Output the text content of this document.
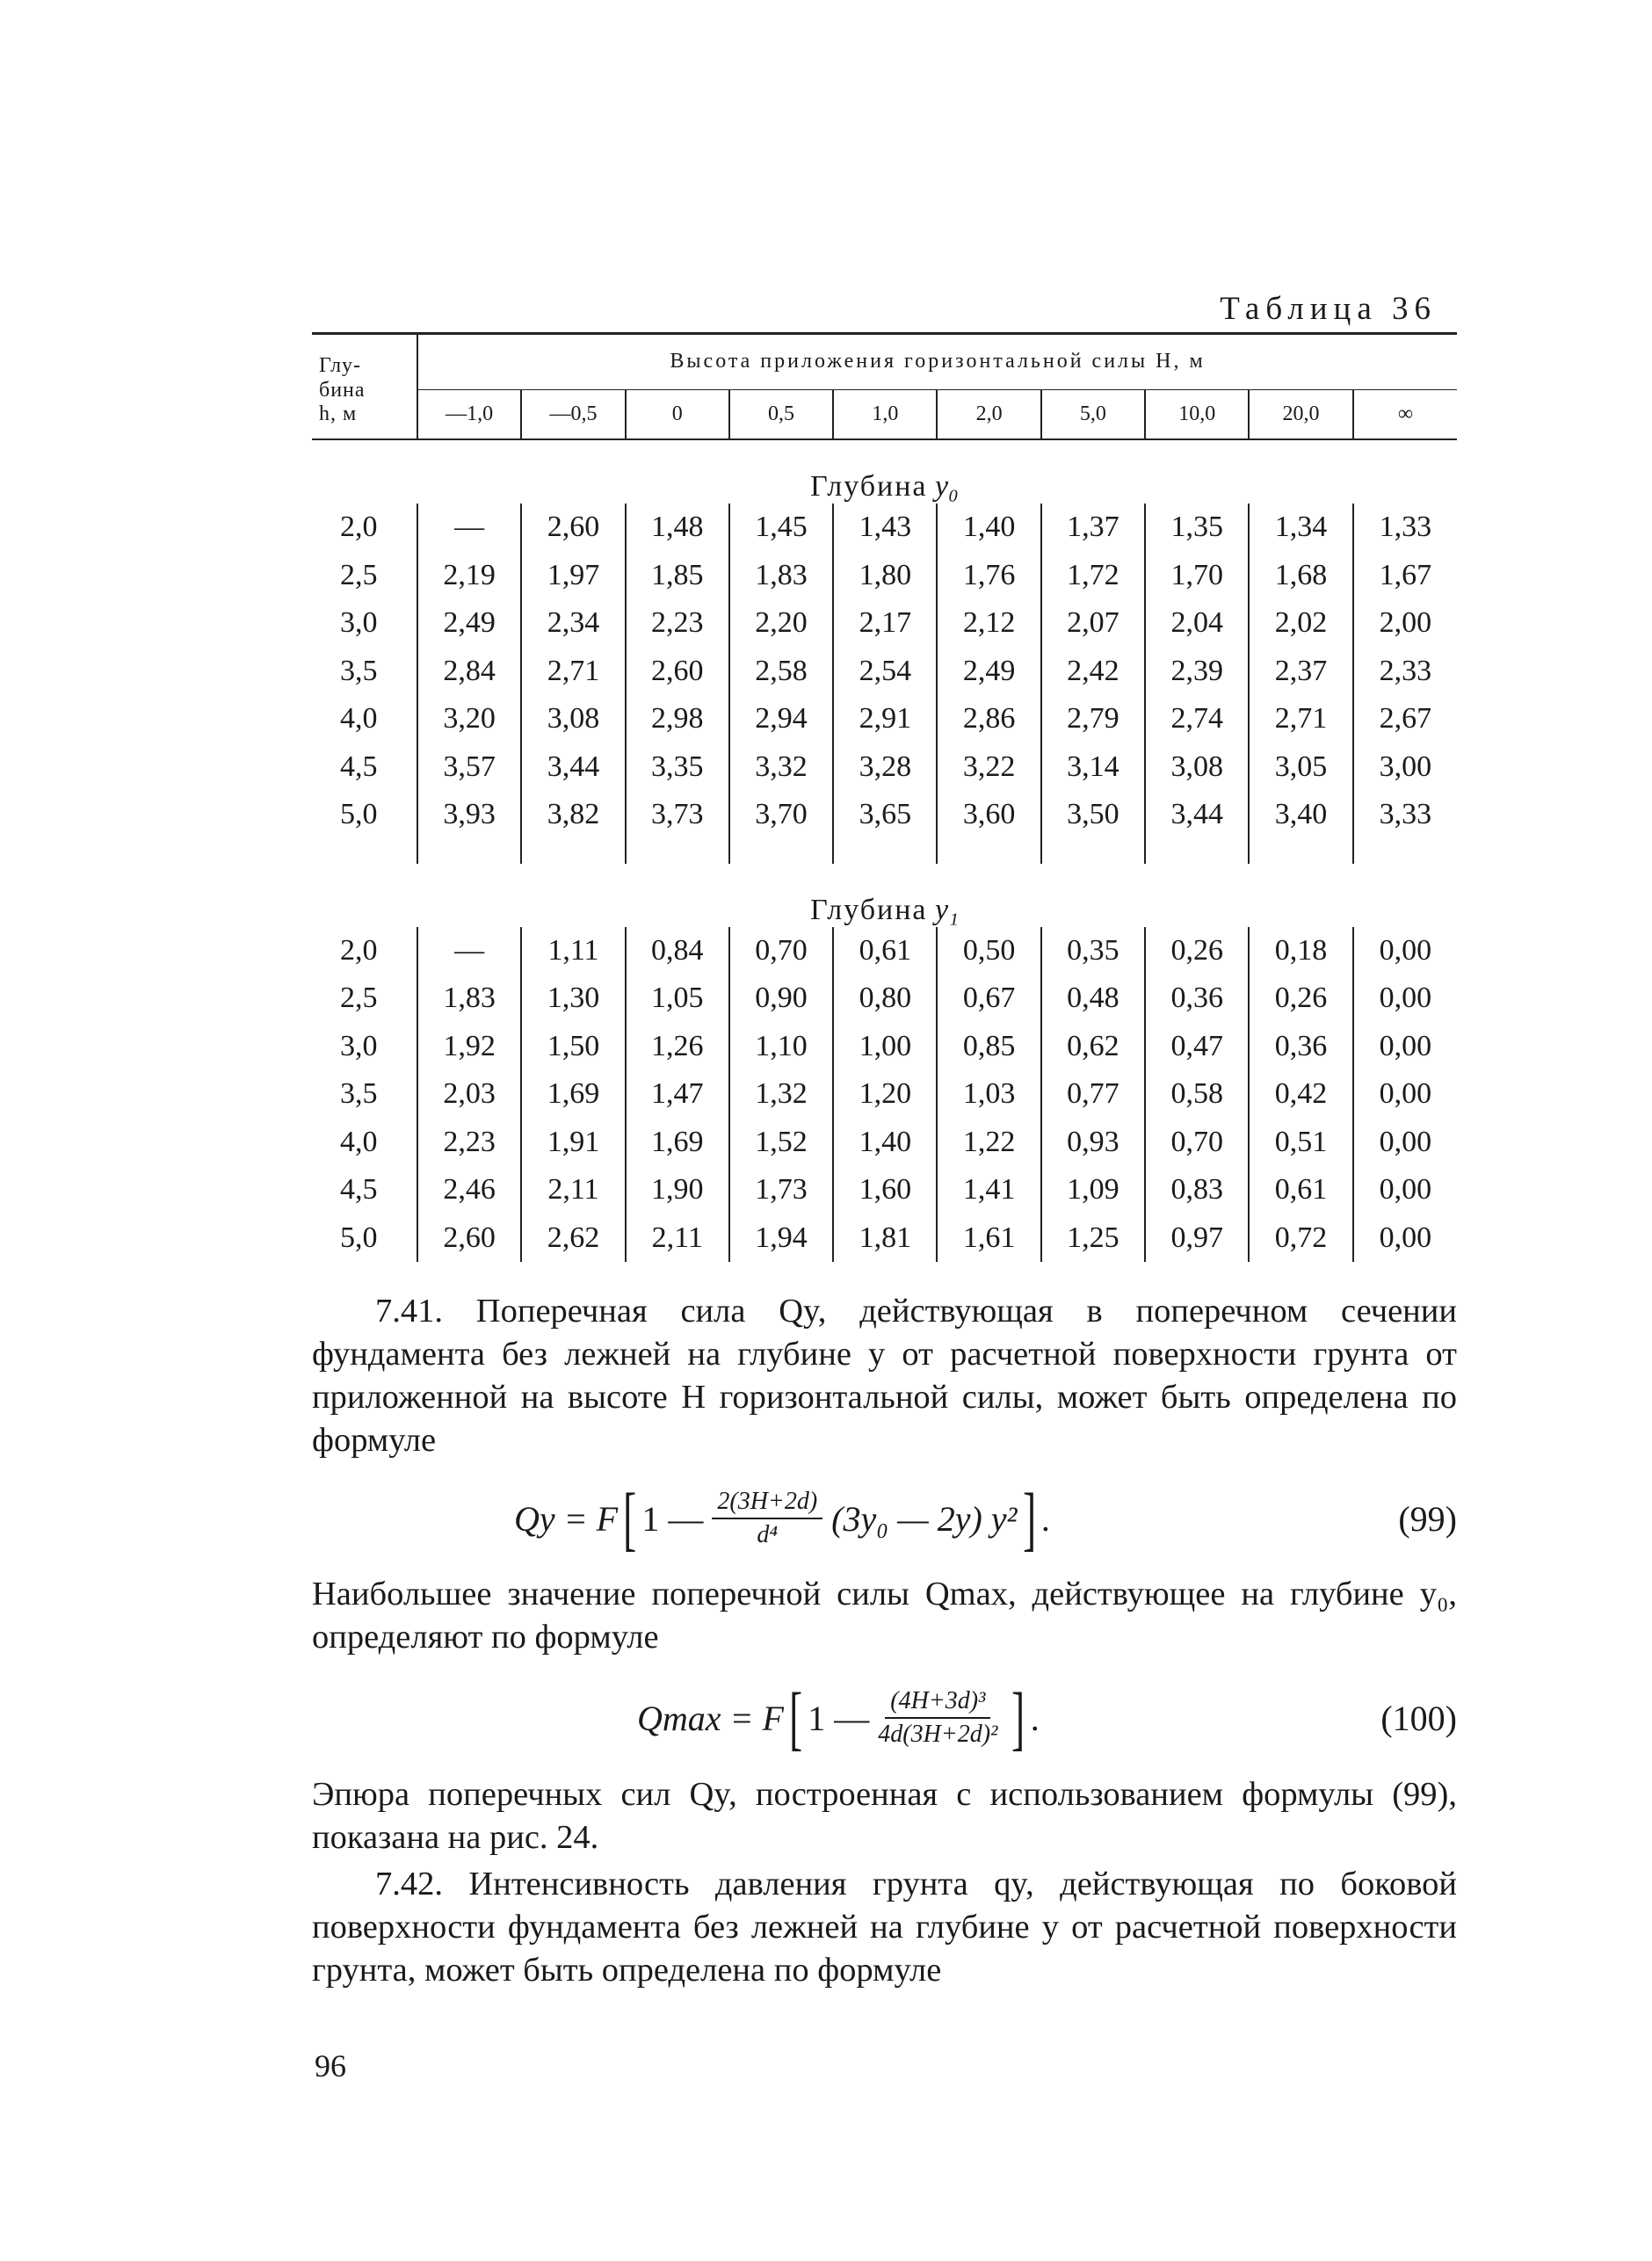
Таблица 36
Глу-
бина
h, м	Высота приложения горизонтальной силы H, м									
	—1,0	—0,5	0	0,5	1,0	2,0	5,0	10,0	20,0	∞
Глубина y₀										
2,0	—	2,60	1,48	1,45	1,43	1,40	1,37	1,35	1,34	1,33
2,5	2,19	1,97	1,85	1,83	1,80	1,76	1,72	1,70	1,68	1,67
3,0	2,49	2,34	2,23	2,20	2,17	2,12	2,07	2,04	2,02	2,00
3,5	2,84	2,71	2,60	2,58	2,54	2,49	2,42	2,39	2,37	2,33
4,0	3,20	3,08	2,98	2,94	2,91	2,86	2,79	2,74	2,71	2,67
4,5	3,57	3,44	3,35	3,32	3,28	3,22	3,14	3,08	3,05	3,00
5,0	3,93	3,82	3,73	3,70	3,65	3,60	3,50	3,44	3,40	3,33

Глубина y₁										
2,0	—	1,11	0,84	0,70	0,61	0,50	0,35	0,26	0,18	0,00
2,5	1,83	1,30	1,05	0,90	0,80	0,67	0,48	0,36	0,26	0,00
3,0	1,92	1,50	1,26	1,10	1,00	0,85	0,62	0,47	0,36	0,00
3,5	2,03	1,69	1,47	1,32	1,20	1,03	0,77	0,58	0,42	0,00
4,0	2,23	1,91	1,69	1,52	1,40	1,22	0,93	0,70	0,51	0,00
4,5	2,46	2,11	1,90	1,73	1,60	1,41	1,09	0,83	0,61	0,00
5,0	2,60	2,62	2,11	1,94	1,81	1,61	1,25	0,97	0,72	0,00

7.41. Поперечная сила Qy, действующая в поперечном сечении фундамента без лежней на глубине y от расчетной поверхности грунта от приложенной на высоте H горизонтальной силы, может быть определена по формуле

Qy = F [ 1 — $\frac{2(3H+2d)}{\text{d⁴}} (3y_0$ — 2y) y² ] .	(99)

Наибольшее значение поперечной силы Qmax, действующее на глубине y₀, определяют по формуле

Qmax = F [ 1 — $\frac{\text{(4H+3d)³}}{\text{4d(3H+2d)²}}$ ] .	(100)

Эпюра поперечных сил Qy, построенная с использованием формулы (99), показана на рис. 24.

7.42. Интенсивность давления грунта qy, действующая по боковой поверхности фундамента без лежней на глубине y от расчетной поверхности грунта, может быть определена по формуле

96
